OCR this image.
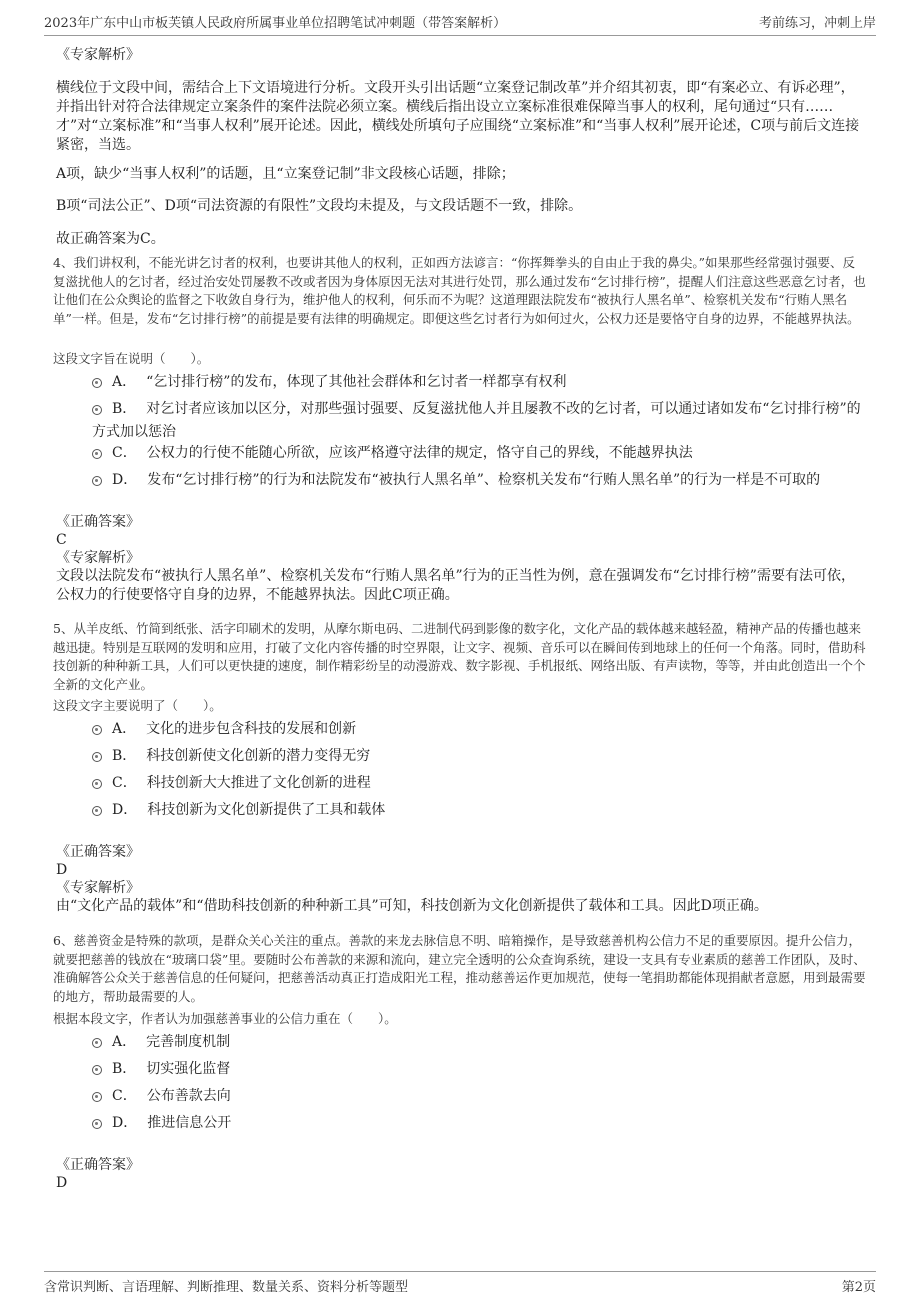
2023年广东中山市板芙镇人民政府所属事业单位招聘笔试冲刺题（带答案解析）	考前练习，冲刺上岸

《专家解析》

横线位于文段中间，需结合上下文语境进行分析。文段开头引出话题“立案登记制改革”并介绍其初衷，即“有案必立、有诉必理”，并指出针对符合法律规定立案条件的案件法院必须立案。横线后指出设立立案标准很难保障当事人的权利，尾句通过“只有……才”对“立案标准”和“当事人权利”展开论述。因此，横线处所填句子应围绕“立案标准”和“当事人权利”展开论述，C项与前后文连接紧密，当选。

A项，缺少“当事人权利”的话题，且“立案登记制”非文段核心话题，排除；

B项“司法公正”、D项“司法资源的有限性”文段均未提及，与文段话题不一致，排除。

故正确答案为C。

4、我们讲权利，不能光讲乞讨者的权利，也要讲其他人的权利，正如西方法谚言：“你挥舞拳头的自由止于我的鼻尖。”如果那些经常强讨强要、反复滋扰他人的乞讨者，经过治安处罚屡教不改或者因为身体原因无法对其进行处罚，那么通过发布“乞讨排行榜”，提醒人们注意这些恶意乞讨者，也让他们在公众舆论的监督之下收敛自身行为，维护他人的权利，何乐而不为呢？这道理跟法院发布“被执行人黑名单”、检察机关发布“行贿人黑名单”一样。但是，发布“乞讨排行榜”的前提是要有法律的明确规定。即便这些乞讨者行为如何过火，公权力还是要恪守自身的边界，不能越界执法。

这段文字旨在说明（　　）。

A． “乞讨排行榜”的发布，体现了其他社会群体和乞讨者一样都享有权利
B． 对乞讨者应该加以区分，对那些强讨强要、反复滋扰他人并且屡教不改的乞讨者，可以通过诸如发布“乞讨排行榜”的方式加以惩治
C． 公权力的行使不能随心所欲，应该严格遵守法律的规定，恪守自己的界线，不能越界执法
D． 发布“乞讨排行榜”的行为和法院发布“被执行人黑名单”、检察机关发布“行贿人黑名单”的行为一样是不可取的

《正确答案》

C

《专家解析》

文段以法院发布“被执行人黑名单”、检察机关发布“行贿人黑名单”行为的正当性为例，意在强调发布“乞讨排行榜”需要有法可依，公权力的行使要恪守自身的边界，不能越界执法。因此C项正确。

5、从羊皮纸、竹简到纸张、活字印刷术的发明，从摩尔斯电码、二进制代码到影像的数字化，文化产品的载体越来越轻盈，精神产品的传播也越来越迅捷。特别是互联网的发明和应用，打破了文化内容传播的时空界限，让文字、视频、音乐可以在瞬间传到地球上的任何一个角落。同时，借助科技创新的种种新工具，人们可以更快捷的速度，制作精彩纷呈的动漫游戏、数字影视、手机报纸、网络出版、有声读物，等等，并由此创造出一个个全新的文化产业。

这段文字主要说明了（　　）。

A． 文化的进步包含科技的发展和创新
B． 科技创新使文化创新的潜力变得无穷
C． 科技创新大大推进了文化创新的进程
D． 科技创新为文化创新提供了工具和载体

《正确答案》

D

《专家解析》

由“文化产品的载体”和“借助科技创新的种种新工具”可知，科技创新为文化创新提供了载体和工具。因此D项正确。

6、慈善资金是特殊的款项，是群众关心关注的重点。善款的来龙去脉信息不明、暗箱操作，是导致慈善机构公信力不足的重要原因。提升公信力，就要把慈善的钱放在“玻璃口袋”里。要随时公布善款的来源和流向，建立完全透明的公众查询系统，建设一支具有专业素质的慈善工作团队，及时、准确解答公众关于慈善信息的任何疑问，把慈善活动真正打造成阳光工程，推动慈善运作更加规范，使每一笔捐助都能体现捐献者意愿，用到最需要的地方，帮助最需要的人。

根据本段文字，作者认为加强慈善事业的公信力重在（　　）。

A． 完善制度机制
B． 切实强化监督
C． 公布善款去向
D． 推进信息公开

《正确答案》

D

含常识判断、言语理解、判断推理、数量关系、资料分析等题型	第2页
